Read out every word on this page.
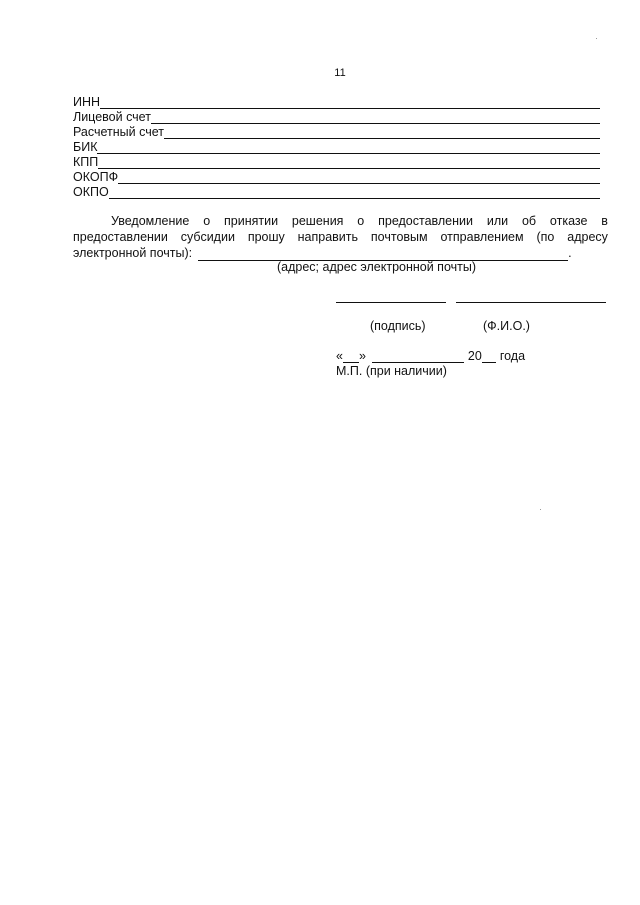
11
ИНН
Лицевой счет
Расчетный счет
БИК
КПП
ОКОПФ
ОКПО
Уведомление о принятии решения о предоставлении или об отказе в
предоставлении субсидии прошу направить почтовым отправлением (по адресу
электронной почты):	.
(адрес; адрес электронной почты)
(подпись)	(Ф.И.О.)
« »	20 года
М.П. (при наличии)
